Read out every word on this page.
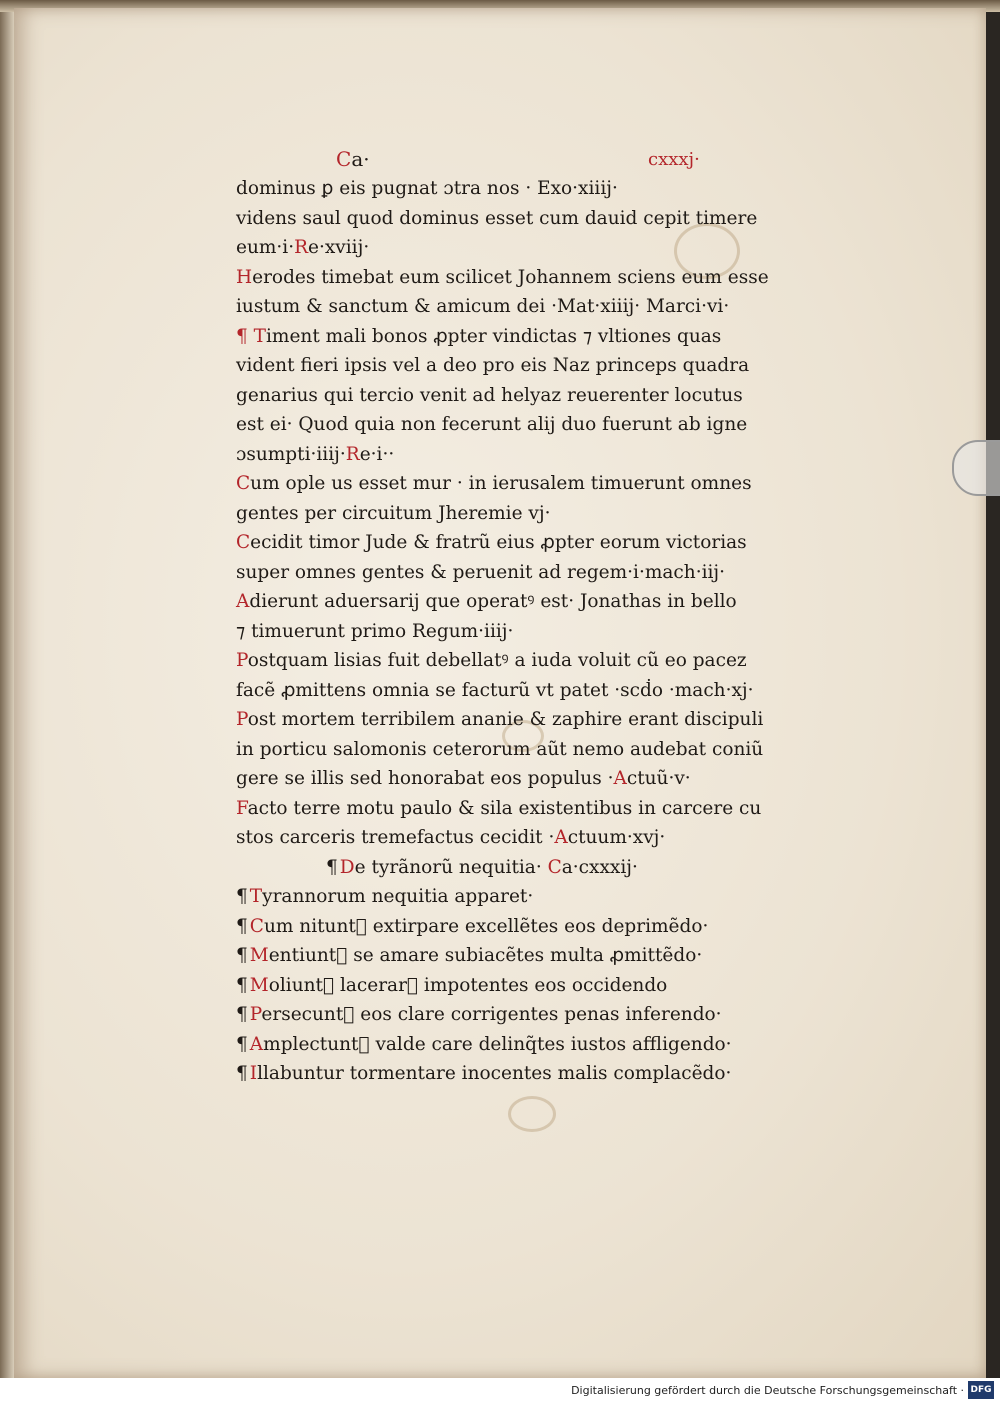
Ca·	cxxxj·
dominus ꝑ eis pugnat ɔtra nos · Exo·xiiij·
videns saul quod dominus esset cum dauid cepit timere
eum·i·Re·xviij·
Herodes timebat eum scilicet Johannem sciens eum esse
iustum & sanctum & amicum dei ·Mat·xiiij· Marci·vi·
¶ Timent mali bonos ꝓpter vindictas ⁊ vltiones quas
vident fieri ipsis vel a deo pro eis Naz princeps quadra
genarius qui tercio venit ad helyaz reuerenter locutus
est ei· Quod quia non fecerunt alij duo fuerunt ab igne
ɔsumpti·iiij·Re·i··
Cum ople us esset mur · in ierusalem timuerunt omnes
gentes per circuitum Jheremie vj·
Cecidit timor Jude & fratrũ eius ꝓpter eorum victorias
super omnes gentes & peruenit ad regem·i·mach·iij·
Adierunt aduersarij que operatꝰ est· Jonathas in bello
⁊ timuerunt primo Regum·iiij·
Postquam lisias fuit debellatꝰ a iuda voluit cũ eo pacez
facẽ ꝓmittens omnia se facturũ vt patet ·scḋo ·mach·xj·
Post mortem terribilem ananie & zaphire erant discipuli
in porticu salomonis ceterorum aũt nemo audebat coniũ
gere se illis sed honorabat eos populus ·Actuũ·v·
Facto terre motu paulo & sila existentibus in carcere cu
stos carceris tremefactus cecidit ·Actuum·xvj·
¶ De tyrãnorũ nequitia· Ca·cxxxij·
¶ Tyrannorum nequitia apparet·
¶ Cum nituntᷣ extirpare excellẽtes eos deprimẽdo·
¶ Mentiuntᷣ se amare subiacẽtes multa ꝓmittẽdo·
¶ Moliuntᷣ lacerarᷣ impotentes eos occidendo
¶ Persecuntᷣ eos clare corrigentes penas inferendo·
¶ Amplectuntᷣ valde care delinq̃tes iustos affligendo·
¶ Illabuntur tormentare inocentes malis complacẽdo·
Digitalisierung gefördert durch die Deutsche Forschungsgemeinschaft · DFG
